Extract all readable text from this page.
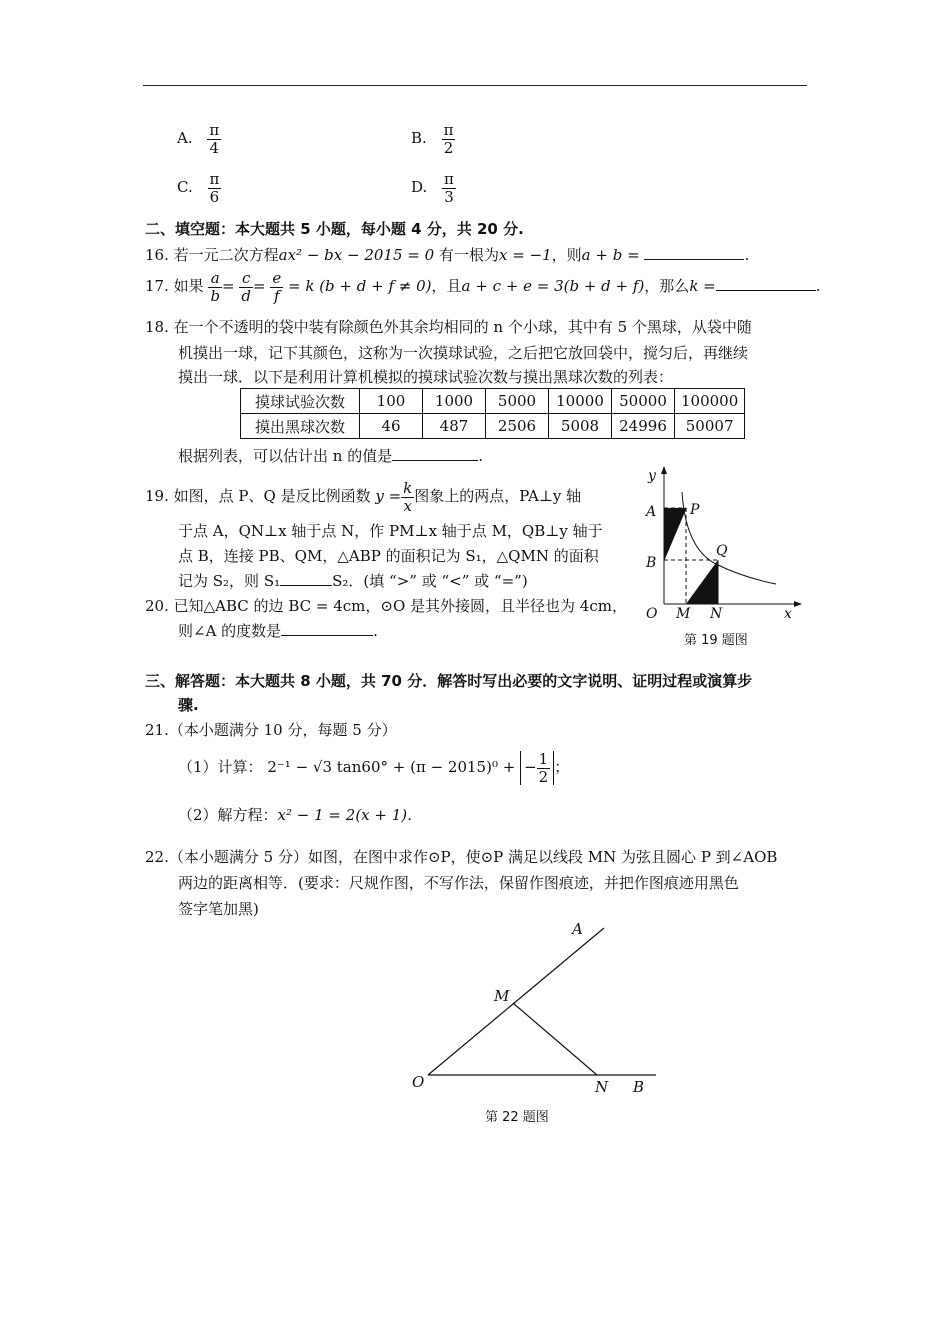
A. $\frac{\pi}{4}$	B. $\frac{\pi}{2}$
C. $\frac{\pi}{6}$	D. $\frac{\pi}{3}$
二、填空题：本大题共 5 小题，每小题 4 分，共 20 分.
16. 若一元二次方程ax² − bx − 2015 = 0 有一根为x = −1，则a + b =	.
17. 如果 $\frac{a}{b} = \frac{c}{d} = \frac{e}{f} = k$ (b + d + f ≠ 0)，且a + c + e = 3(b + d + f)，那么k =	.
18. 在一个不透明的袋中装有除颜色外其余均相同的 n 个小球，其中有 5 个黑球，从袋中随
机摸出一球，记下其颜色，这称为一次摸球试验，之后把它放回袋中，搅匀后，再继续
摸出一球．以下是利用计算机模拟的摸球试验次数与摸出黑球次数的列表：
摸球试验次数	100	1000	5000	10000	50000	100000
摸出黑球次数	46	487	2506	5008	24996	50007
根据列表，可以估计出 n 的值是	.
19. 如图，点 P、Q 是反比例函数 $y = \frac{k}{x}$ 图象上的两点，PA⊥y 轴
于点 A，QN⊥x 轴于点 N，作 PM⊥x 轴于点 M，QB⊥y 轴于
点 B，连接 PB、QM，△ABP 的面积记为 S₁，△QMN 的面积
记为 S₂，则 S₁	S₂．(填 “>” 或 “<” 或 “=”)
y
x
O
A
B
P
Q
M N
第 19 题图
20. 已知△ABC 的边 BC = 4cm，⊙O 是其外接圆，且半径也为 4cm，
则∠A 的度数是	.
三、解答题：本大题共 8 小题，共 70 分．解答时写出必要的文字说明、证明过程或演算步
骤.
21.（本小题满分 10 分，每题 5 分）
（1）计算： 2⁻¹ − √3 tan60° + (π − 2015)⁰ + − $\frac{1}{2}$ ；
（2）解方程：x² − 1 = 2(x + 1)．
22.（本小题满分 5 分）如图，在图中求作⊙P，使⊙P 满足以线段 MN 为弦且圆心 P 到∠AOB
两边的距离相等．(要求：尺规作图，不写作法，保留作图痕迹，并把作图痕迹用黑色
签字笔加黑)
A
M
O	N B
第 22 题图
